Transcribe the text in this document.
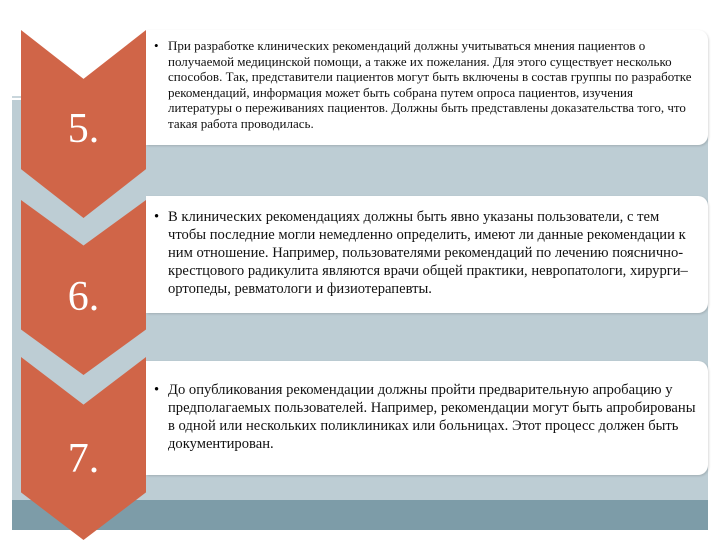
5.
• При разработке клинических рекомендаций должны учитываться мнения пациентов о получаемой медицинской помощи, а также их пожелания. Для этого существует несколько способов. Так, представители пациентов могут быть включены в состав группы по разработке рекомендаций, информация может быть собрана путем опроса пациентов, изучения литературы о переживаниях пациентов. Должны быть представлены доказательства того, что такая работа проводилась.
6.
• В клинических рекомендациях должны быть явно указаны пользователи, с тем чтобы последние могли немедленно определить, имеют ли данные рекомендации к ним отношение. Например, пользователями рекомендаций по лечению пояснично-крестцового радикулита являются врачи общей практики, невропатологи, хирурги–ортопеды, ревматологи и физиотерапевты.
7.
• До опубликования рекомендации должны пройти предварительную апробацию у предполагаемых пользователей. Например, рекомендации могут быть апробированы в одной или нескольких поликлиниках или больницах. Этот процесс должен быть документирован.
